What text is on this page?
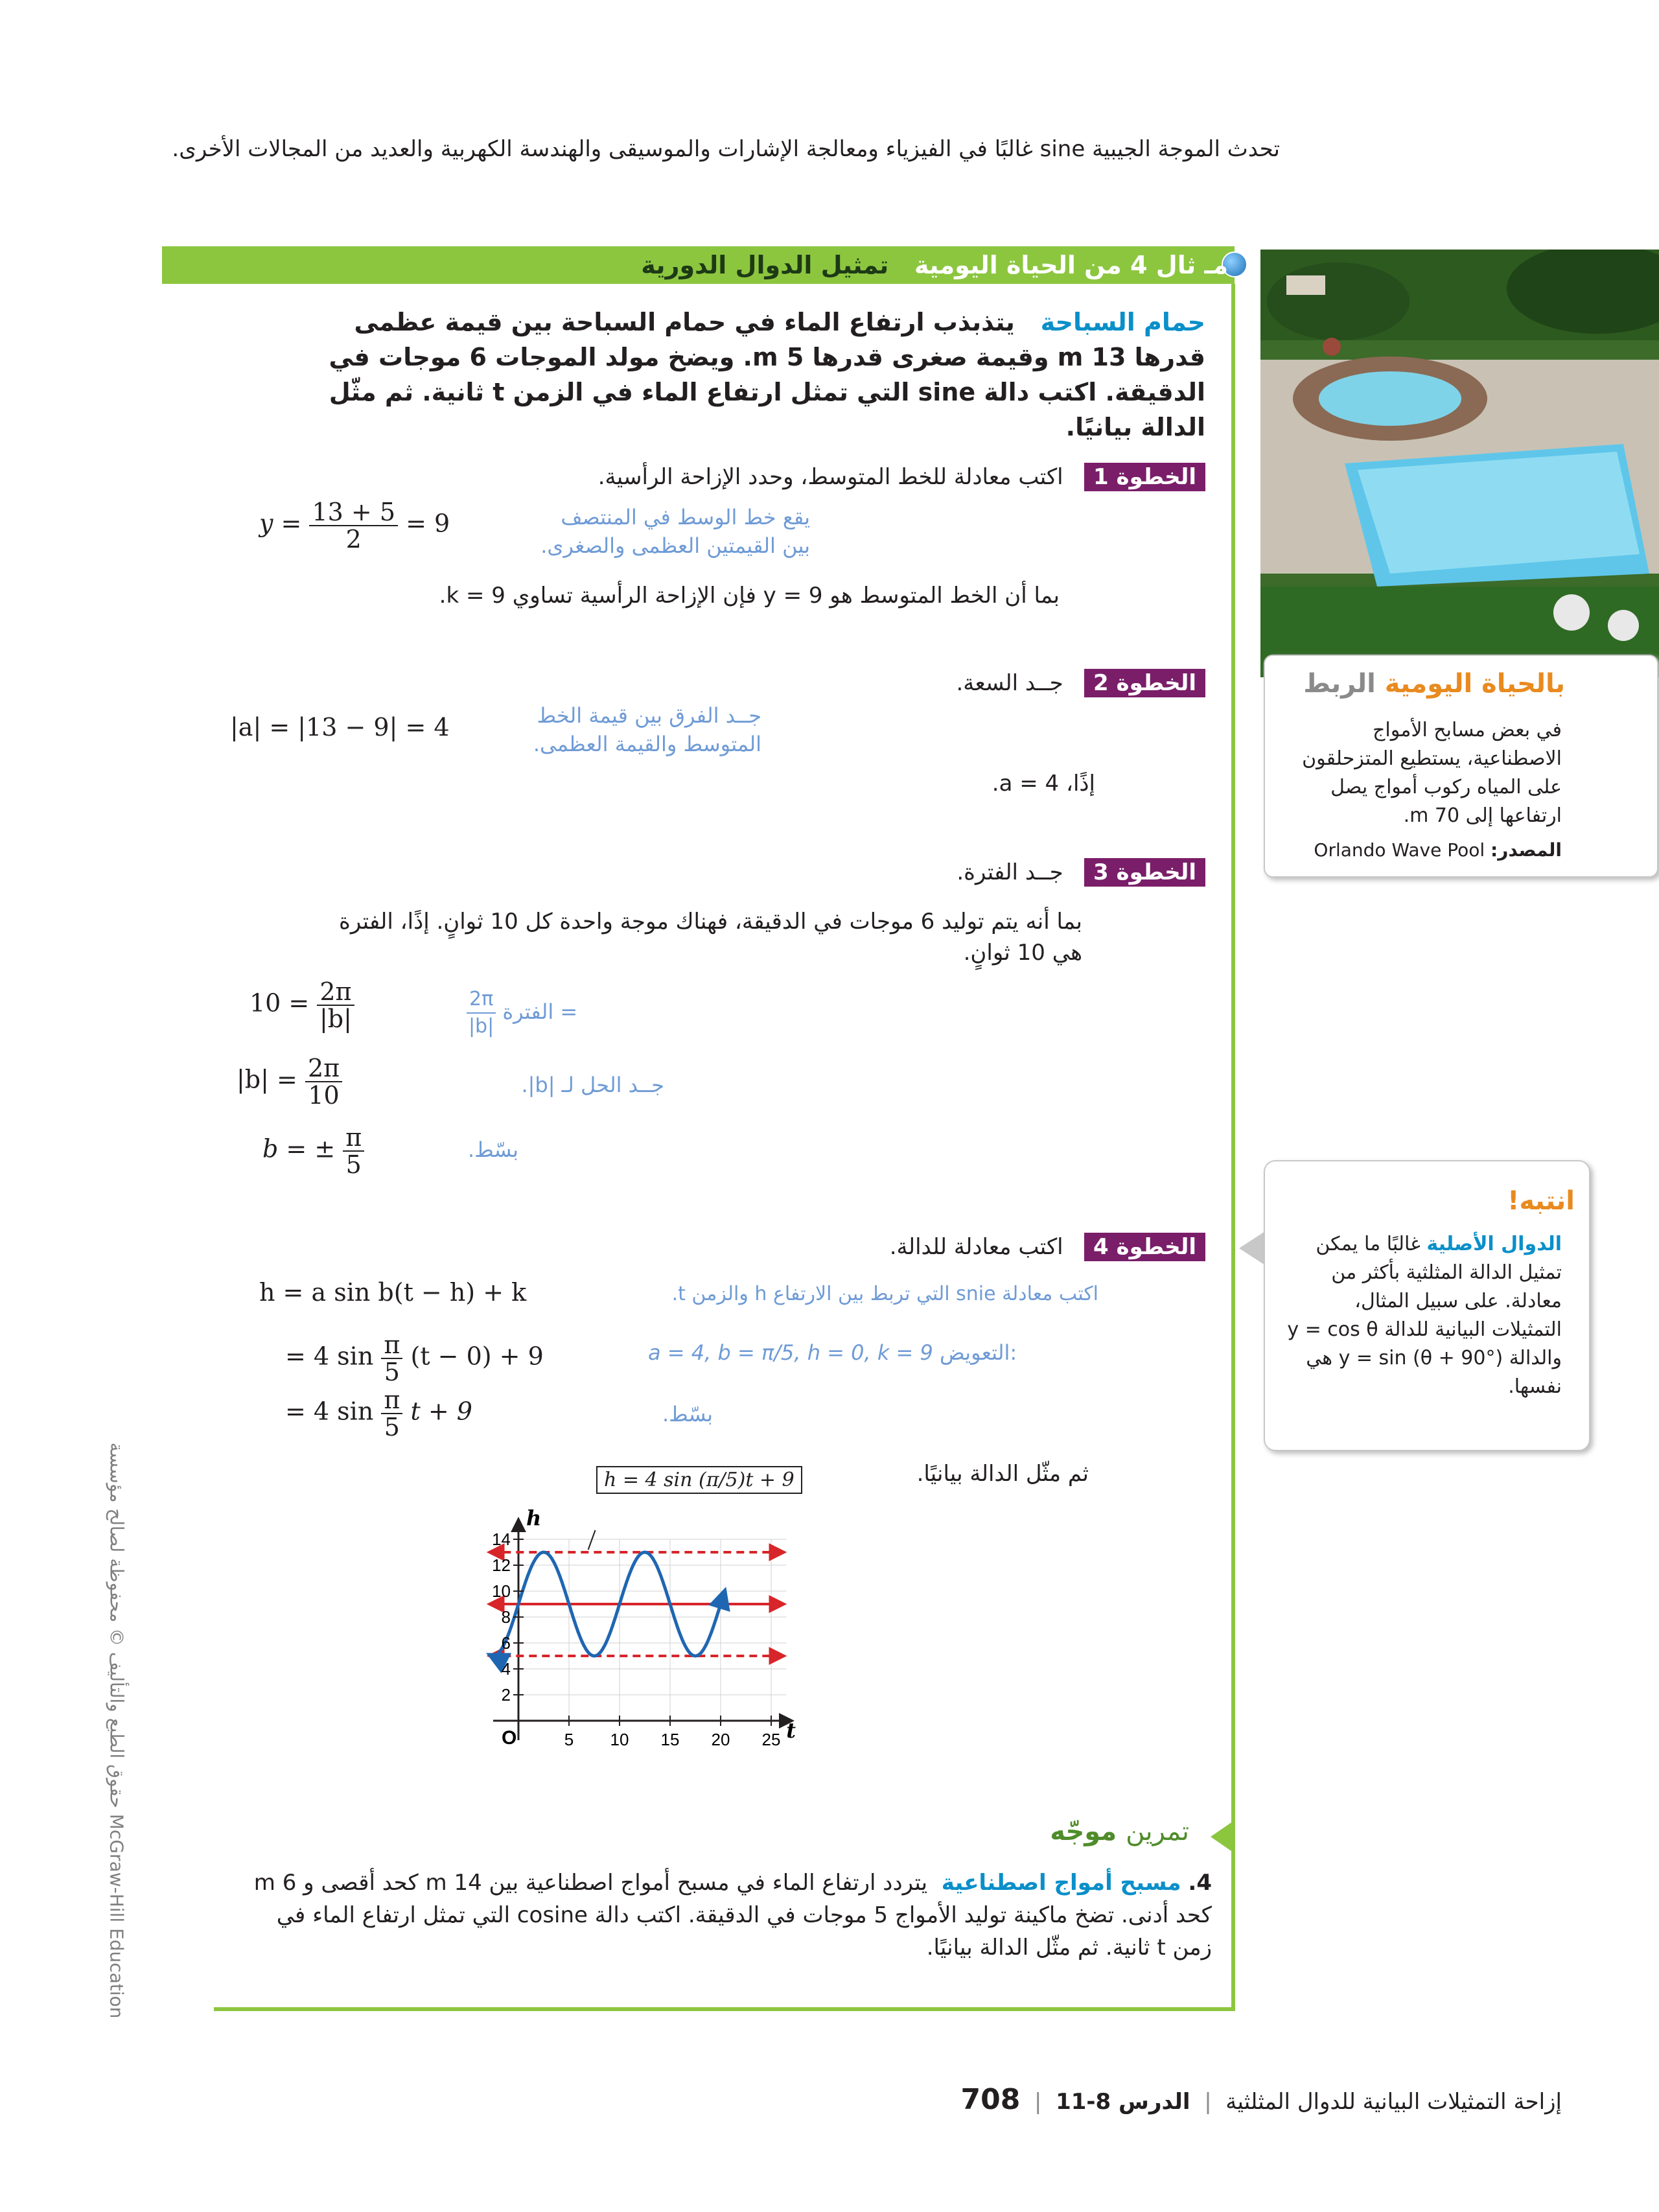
تحدث الموجة الجيبية sine غالبًا في الفيزياء ومعالجة الإشارات والموسيقى والهندسة الكهربية والعديد من المجالات الأخرى.
مـ ثال 4 من الحياة اليومية   تمثيل الدوال الدورية
حمام السباحة   يتذبذب ارتفاع الماء في حمام السباحة بين قيمة عظمى قدرها 13 m وقيمة صغرى قدرها 5 m. ويضخ مولد الموجات 6 موجات في الدقيقة. اكتب دالة sine التي تمثل ارتفاع الماء في الزمن t ثانية. ثم مثّل الدالة بيانيًا.
الخطوة 1   اكتب معادلة للخط المتوسط، وحدد الإزاحة الرأسية.
$y = \frac{13 + 5}{2} = 9$	يقع خط الوسط في المنتصف
بين القيمتين العظمى والصغرى.
بما أن الخط المتوسط هو y = 9 فإن الإزاحة الرأسية تساوي k = 9.
الخطوة 2   جــد السعة.
|a| = |13 − 9| = 4	جــد الفرق بين قيمة الخط
المتوسط والقيمة العظمى.
إذًا، a = 4.
الخطوة 3   جــد الفترة.
بما أنه يتم توليد 6 موجات في الدقيقة، فهناك موجة واحدة كل 10 ثوانٍ. إذًا، الفترة هي 10 ثوانٍ.
$10 = \frac{2\pi}{|b|}$	$\frac{2\pi}{|b|}$ الفترة =
$|b| = \frac{2\pi}{10}$	جــد الحل لـ |b|.
b = ± $\frac{\pi}{5}$	بسّط.
الخطوة 4   اكتب معادلة للدالة.
h = a sin b(t − h) + k	اكتب معادلة snie التي تربط بين الارتفاع h والزمن t.
= 4 $\sin \frac{\pi}{5} (t - 0) + 9$	a = 4, b = π/5, h = 0, k = 9 التعويض:
= 4 $\sin \frac{\pi}{5}$ t + 9	بسّط.
ثم مثّل الدالة بيانيًا.
5 10 15 20 25
2
4
6
8
10
12
14
O	t
h
h = 4 sin (π/5)t + 9
تمرين موجّه
4. مسبح أمواج اصطناعية  يتردد ارتفاع الماء في مسبح أمواج اصطناعية بين 14 m كحد أقصى و 6 m كحد أدنى. تضخ ماكينة توليد الأمواج 5 موجات في الدقيقة. اكتب دالة cosine التي تمثل ارتفاع الماء في زمن t ثانية. ثم مثّل الدالة بيانيًا.
بالحياة اليومية الربط
في بعض مسابح الأمواج الاصطناعية، يستطيع المتزحلقون على المياه ركوب أمواج يصل ارتفاعها إلى 70 m.
المصدر: Orlando Wave Pool
انتبه!
الدوال الأصلية غالبًا ما يمكن تمثيل الدالة المثلثية بأكثر من معادلة. على سبيل المثال، التمثيلات البيانية للدالة y = cos θ والدالة y = sin (θ + 90°) هي نفسها.
حقوق الطبع والتأليف © محفوظة لصالح مؤسسة McGraw-Hill Education
إزاحة التمثيلات البيانية للدوال المثلثية  |  الدرس 8-11  |  708
